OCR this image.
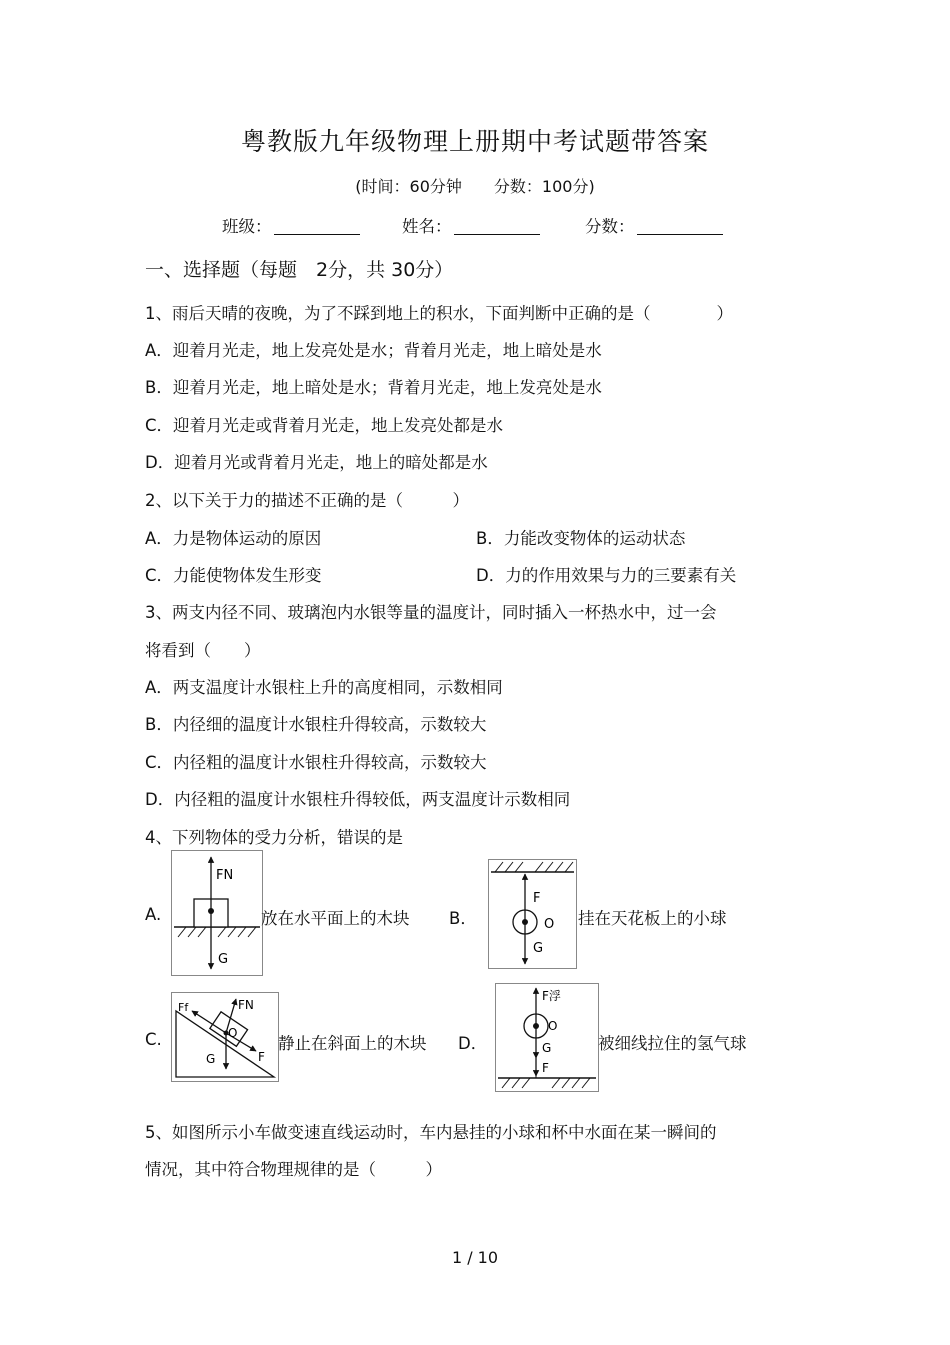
粤教版九年级物理上册期中考试题带答案
(时间：60分钟　　分数：100分)
班级：	姓名：	分数：
一、选择题（每题　2分，共 30分）
1、雨后天晴的夜晚，为了不踩到地上的积水，下面判断中正确的是（　　　　）
A．迎着月光走，地上发亮处是水；背着月光走，地上暗处是水
B．迎着月光走，地上暗处是水；背着月光走，地上发亮处是水
C．迎着月光走或背着月光走，地上发亮处都是水
D．迎着月光或背着月光走，地上的暗处都是水
2、以下关于力的描述不正确的是（　　　）
A．力是物体运动的原因	B．力能改变物体的运动状态
C．力能使物体发生形变	D．力的作用效果与力的三要素有关
3、两支内径不同、玻璃泡内水银等量的温度计，同时插入一杯热水中，过一会
将看到（　　）
A．两支温度计水银柱上升的高度相同，示数相同
B．内径细的温度计水银柱升得较高，示数较大
C．内径粗的温度计水银柱升得较高，示数较大
D．内径粗的温度计水银柱升得较低，两支温度计示数相同
4、下列物体的受力分析，错误的是
A.
FN
G
放在水平面上的木块 B．
F
O
G
挂在天花板上的小球
C.
Ff	FN
O
G	F
静止在斜面上的木块 D．
F浮
O
G
F
被细线拉住的氢气球
5、如图所示小车做变速直线运动时，车内悬挂的小球和杯中水面在某一瞬间的
情况，其中符合物理规律的是（　　　）
1 / 10
